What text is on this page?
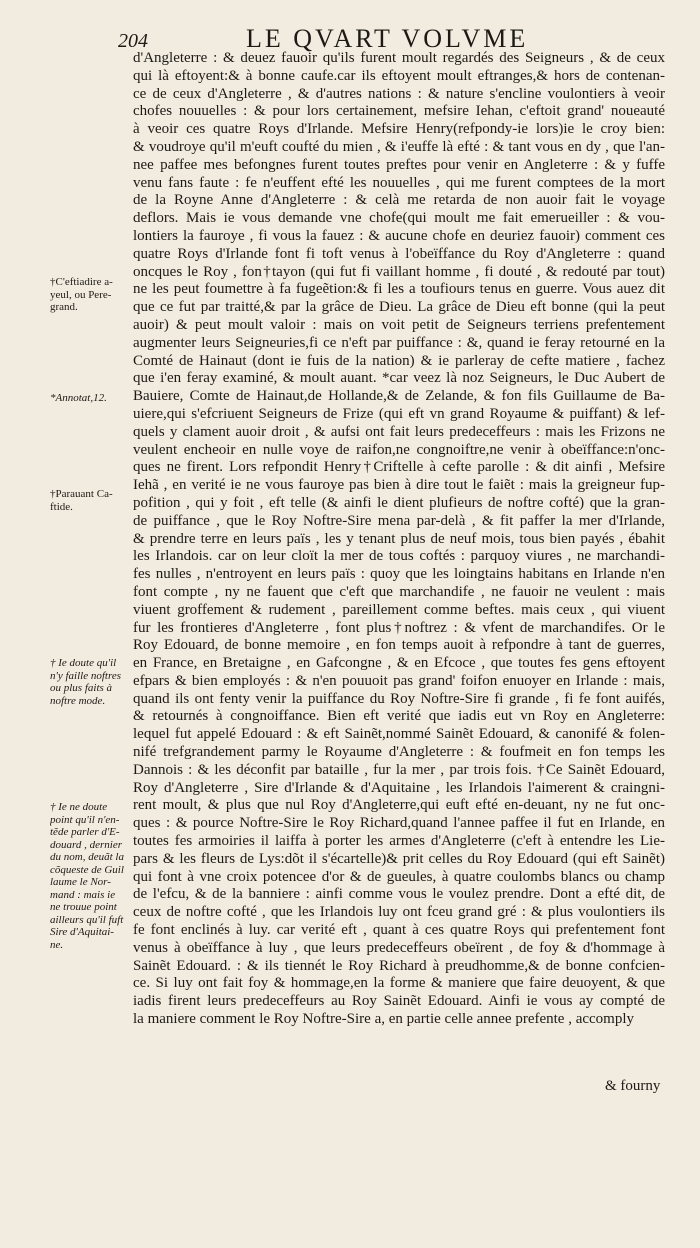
204	LE QVART VOLVME
d'Angleterre : & deuez fauoir qu'ils furent moult regardés des Seigneurs , & de ceux
qui là eftoyent:& à bonne caufe.car ils eftoyent moult eftranges,& hors de contenan-
ce de ceux d'Angleterre , & d'autres nations : & nature s'encline voulontiers à veoir
chofes nouuelles : & pour lors certainement, mefsire Iehan, c'eftoit grand' noueauté
à veoir ces quatre Roys d'Irlande. Mefsire Henry(refpondy-ie lors)ie le croy bien:
& voudroye qu'il m'euft coufté du mien , & i'euffe là efté : & tant vous en dy , que l'an-
nee paffee mes befongnes furent toutes preftes pour venir en Angleterre : & y fuffe
venu fans faute : fe n'euffent efté les nouuelles , qui me furent comptees de la mort
de la Royne Anne d'Angleterre : & celà me retarda de non auoir fait le voyage
deflors. Mais ie vous demande vne chofe(qui moult me fait emerueiller : & vou-
lontiers la fauroye , fi vous la fauez : & aucune chofe en deuriez fauoir) comment ces
quatre Roys d'Irlande font fi toft venus à l'obeïffance du Roy d'Angleterre : quand
oncques le Roy , fon†tayon (qui fut fi vaillant homme , fi douté , & redouté par tout)
ne les peut foumettre à fa fugeẽtion:& fi les a toufiours tenus en guerre. Vous auez dit
que ce fut par traitté,& par la grâce de Dieu. La grâce de Dieu eft bonne (qui la peut
auoir) & peut moult valoir : mais on voit petit de Seigneurs terriens prefentement
augmenter leurs Seigneuries,fi ce n'eft par puiffance : &, quand ie feray retourné en la
Comté de Hainaut (dont ie fuis de la nation) & ie parleray de cefte matiere , fachez
que i'en feray examiné, & moult auant. *car veez là noz Seigneurs, le Duc Aubert de
Bauiere, Comte de Hainaut,de Hollande,& de Zelande, & fon fils Guillaume de Ba-
uiere,qui s'efcriuent Seigneurs de Frize (qui eft vn grand Royaume & puiffant) & lef-
quels y clament auoir droit , & aufsi ont fait leurs predeceffeurs : mais les Frizons ne
veulent encheoir en nulle voye de raifon,ne congnoiftre,ne venir à obeïffance:n'onc-
ques ne firent. Lors refpondit Henry†Criftelle à cefte parolle : & dit ainfi , Mefsire
Iehã , en verité ie ne vous fauroye pas bien à dire tout le faiẽt : mais la greigneur fup-
pofition , qui y foit , eft telle (& ainfi le dient plufieurs de noftre cofté) que la gran-
de puiffance , que le Roy Noftre-Sire mena par-delà , & fit paffer la mer d'Irlande,
& prendre terre en leurs païs , les y tenant plus de neuf mois, tous bien payés , ébahit
les Irlandois. car on leur cloït la mer de tous coftés : parquoy viures , ne marchandi-
fes nulles , n'entroyent en leurs païs : quoy que les loingtains habitans en Irlande n'en
font compte , ny ne fauent que c'eft que marchandife , ne fauoir ne veulent : mais
viuent groffement & rudement , pareillement comme beftes. mais ceux , qui viuent
fur les frontieres d'Angleterre , font plus†noftrez : & vfent de marchandifes. Or le
Roy Edouard, de bonne memoire , en fon temps auoit à refpondre à tant de guerres,
en France, en Bretaigne , en Gafcongne , & en Efcoce , que toutes fes gens eftoyent
efpars & bien employés : & n'en pouuoit pas grand' foifon enuoyer en Irlande : mais,
quand ils ont fenty venir la puiffance du Roy Noftre-Sire fi grande , fi fe font auifés,
& retournés à congnoiffance. Bien eft verité que iadis eut vn Roy en Angleterre:
lequel fut appelé Edouard : & eft Sainẽt,nommé Sainẽt Edouard, & canonifé & folen-
nifé trefgrandement parmy le Royaume d'Angleterre : & foufmeit en fon temps les
Dannois : & les déconfit par bataille , fur la mer , par trois fois. †Ce Sainẽt Edouard,
Roy d'Angleterre , Sire d'Irlande & d'Aquitaine , les Irlandois l'aimerent & craingni-
rent moult, & plus que nul Roy d'Angleterre,qui euft efté en-deuant, ny ne fut onc-
ques : & pource Noftre-Sire le Roy Richard,quand l'annee paffee il fut en Irlande, en
toutes fes armoiries il laiffa à porter les armes d'Angleterre (c'eft à entendre les Lie-
pars & les fleurs de Lys:dõt il s'écartelle)& prit celles du Roy Edouard (qui eft Sainẽt)
qui font à vne croix potencee d'or & de gueules, à quatre coulombs blancs ou champ
de l'efcu, & de la banniere : ainfi comme vous le voulez prendre. Dont a efté dit, de
ceux de noftre cofté , que les Irlandois luy ont fceu grand gré : & plus voulontiers ils
fe font enclinés à luy. car verité eft , quant à ces quatre Roys qui prefentement font
venus à obeïffance à luy , que leurs predeceffeurs obeïrent , de foy & d'hommage à
Sainẽt Edouard. : & ils tiennét le Roy Richard à preudhomme,& de bonne confcien-
ce. Si luy ont fait foy & hommage,en la forme & maniere que faire deuoyent, & que
iadis firent leurs predeceffeurs au Roy Sainẽt Edouard. Ainfi ie vous ay compté de
la maniere comment le Roy Noftre-Sire a, en partie celle annee prefente , accomply
†C'eftiadire a-
yeul, ou Pere-
grand.
*Annotat,12.
†Parauant Ca-
ftide.
† Ie doute qu'il
n'y faille noftres
ou plus faits à
noftre mode.
† Ie ne doute
point qu'il n'en-
tẽde parler d'E-
douard , dernier
du nom, deuãt la
cõqueste de Guil
laume le Nor-
mand : mais ie
ne trouue point
ailleurs qu'il fuft
Sire d'Aquitai-
ne.
& fourny
